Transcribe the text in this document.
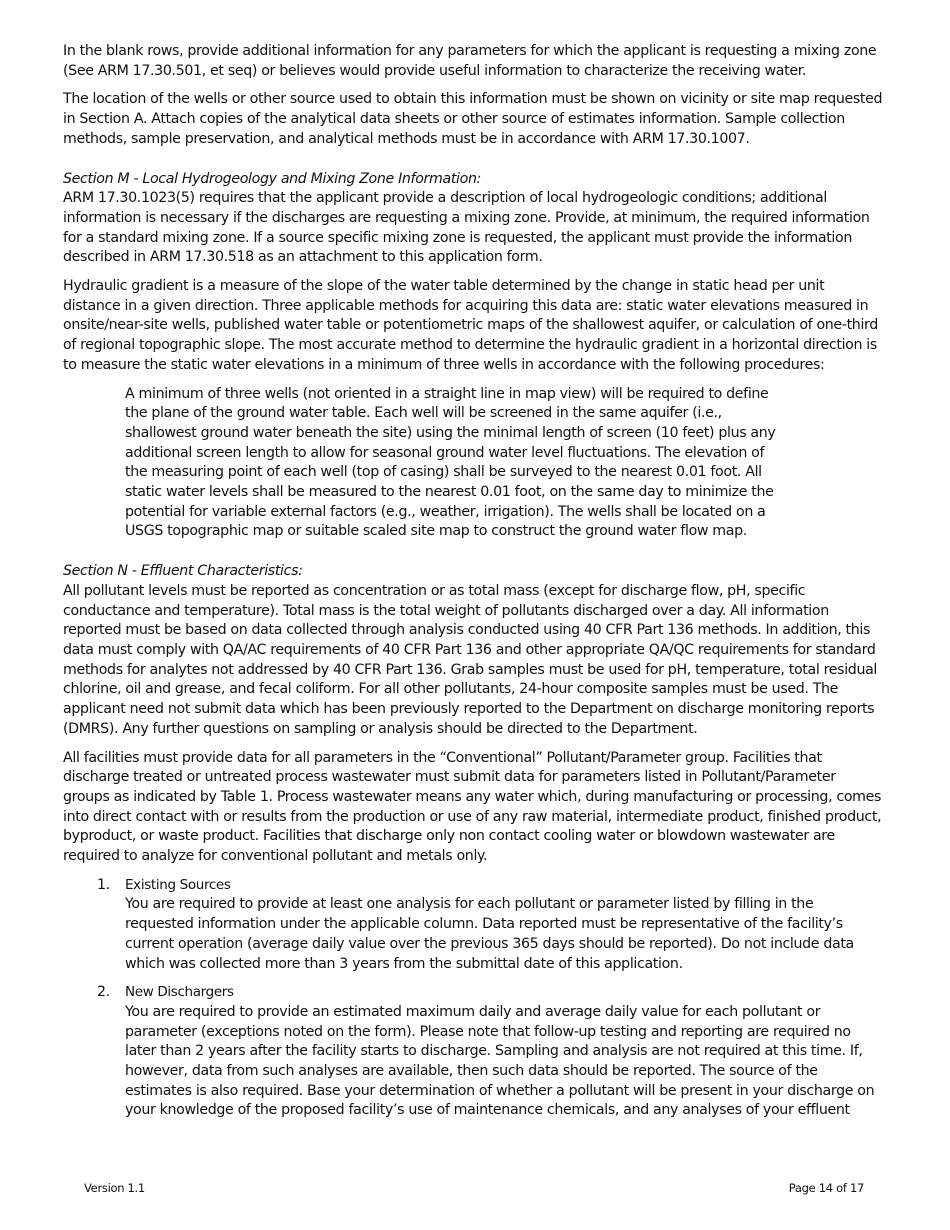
In the blank rows, provide additional information for any parameters for which the applicant is requesting a mixing zone (See ARM 17.30.501, et seq) or believes would provide useful information to characterize the receiving water.

The location of the wells or other source used to obtain this information must be shown on vicinity or site map requested in Section A. Attach copies of the analytical data sheets or other source of estimates information. Sample collection methods, sample preservation, and analytical methods must be in accordance with ARM 17.30.1007.

Section M - Local Hydrogeology and Mixing Zone Information:

ARM 17.30.1023(5) requires that the applicant provide a description of local hydrogeologic conditions; additional information is necessary if the discharges are requesting a mixing zone. Provide, at minimum, the required information for a standard mixing zone. If a source specific mixing zone is requested, the applicant must provide the information described in ARM 17.30.518 as an attachment to this application form.

Hydraulic gradient is a measure of the slope of the water table determined by the change in static head per unit distance in a given direction. Three applicable methods for acquiring this data are: static water elevations measured in onsite/near-site wells, published water table or potentiometric maps of the shallowest aquifer, or calculation of one-third of regional topographic slope. The most accurate method to determine the hydraulic gradient in a horizontal direction is to measure the static water elevations in a minimum of three wells in accordance with the following procedures:

A minimum of three wells (not oriented in a straight line in map view) will be required to define the plane of the ground water table. Each well will be screened in the same aquifer (i.e., shallowest ground water beneath the site) using the minimal length of screen (10 feet) plus any additional screen length to allow for seasonal ground water level fluctuations. The elevation of the measuring point of each well (top of casing) shall be surveyed to the nearest 0.01 foot. All static water levels shall be measured to the nearest 0.01 foot, on the same day to minimize the potential for variable external factors (e.g., weather, irrigation). The wells shall be located on a USGS topographic map or suitable scaled site map to construct the ground water flow map.

Section N - Effluent Characteristics:

All pollutant levels must be reported as concentration or as total mass (except for discharge flow, pH, specific conductance and temperature). Total mass is the total weight of pollutants discharged over a day. All information reported must be based on data collected through analysis conducted using 40 CFR Part 136 methods. In addition, this data must comply with QA/AC requirements of 40 CFR Part 136 and other appropriate QA/QC requirements for standard methods for analytes not addressed by 40 CFR Part 136. Grab samples must be used for pH, temperature, total residual chlorine, oil and grease, and fecal coliform. For all other pollutants, 24-hour composite samples must be used. The applicant need not submit data which has been previously reported to the Department on discharge monitoring reports (DMRS). Any further questions on sampling or analysis should be directed to the Department.

All facilities must provide data for all parameters in the “Conventional” Pollutant/Parameter group. Facilities that discharge treated or untreated process wastewater must submit data for parameters listed in Pollutant/Parameter groups as indicated by Table 1. Process wastewater means any water which, during manufacturing or processing, comes into direct contact with or results from the production or use of any raw material, intermediate product, finished product, byproduct, or waste product. Facilities that discharge only non contact cooling water or blowdown wastewater are required to analyze for conventional pollutant and metals only.

1. Existing Sources

You are required to provide at least one analysis for each pollutant or parameter listed by filling in the requested information under the applicable column. Data reported must be representative of the facility’s current operation (average daily value over the previous 365 days should be reported). Do not include data which was collected more than 3 years from the submittal date of this application.

2. New Dischargers

You are required to provide an estimated maximum daily and average daily value for each pollutant or parameter (exceptions noted on the form). Please note that follow-up testing and reporting are required no later than 2 years after the facility starts to discharge. Sampling and analysis are not required at this time. If, however, data from such analyses are available, then such data should be reported. The source of the estimates is also required. Base your determination of whether a pollutant will be present in your discharge on your knowledge of the proposed facility’s use of maintenance chemicals, and any analyses of your effluent

Version 1.1	Page 14 of 17
